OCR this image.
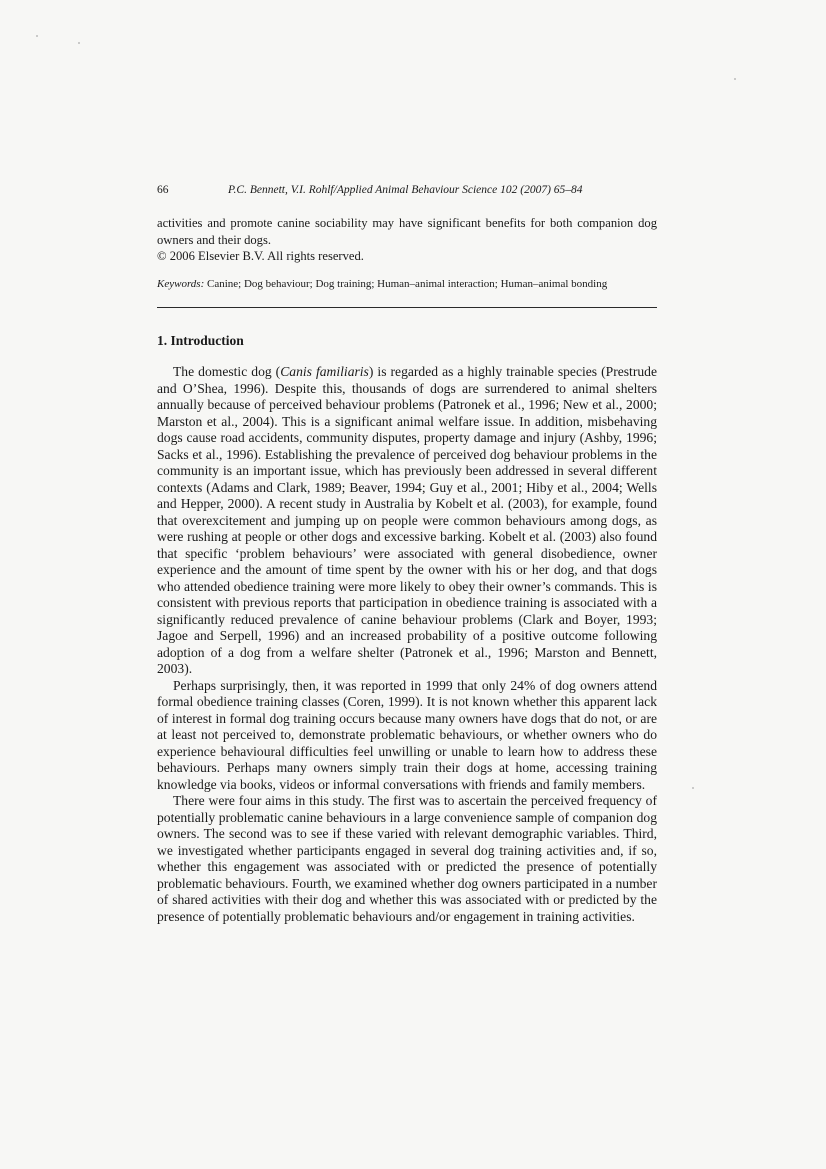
66	P.C. Bennett, V.I. Rohlf/Applied Animal Behaviour Science 102 (2007) 65–84
activities and promote canine sociability may have significant benefits for both companion dog owners and their dogs.
© 2006 Elsevier B.V. All rights reserved.
Keywords: Canine; Dog behaviour; Dog training; Human–animal interaction; Human–animal bonding
1. Introduction

The domestic dog (Canis familiaris) is regarded as a highly trainable species (Prestrude and O’Shea, 1996). Despite this, thousands of dogs are surrendered to animal shelters annually because of perceived behaviour problems (Patronek et al., 1996; New et al., 2000; Marston et al., 2004). This is a significant animal welfare issue. In addition, misbehaving dogs cause road accidents, community disputes, property damage and injury (Ashby, 1996; Sacks et al., 1996). Establishing the prevalence of perceived dog behaviour problems in the community is an important issue, which has previously been addressed in several different contexts (Adams and Clark, 1989; Beaver, 1994; Guy et al., 2001; Hiby et al., 2004; Wells and Hepper, 2000). A recent study in Australia by Kobelt et al. (2003), for example, found that overexcitement and jumping up on people were common behaviours among dogs, as were rushing at people or other dogs and excessive barking. Kobelt et al. (2003) also found that specific ‘problem behaviours’ were associated with general disobedience, owner experience and the amount of time spent by the owner with his or her dog, and that dogs who attended obedience training were more likely to obey their owner’s commands. This is consistent with previous reports that participation in obedience training is associated with a significantly reduced prevalence of canine behaviour problems (Clark and Boyer, 1993; Jagoe and Serpell, 1996) and an increased probability of a positive outcome following adoption of a dog from a welfare shelter (Patronek et al., 1996; Marston and Bennett, 2003).

Perhaps surprisingly, then, it was reported in 1999 that only 24% of dog owners attend formal obedience training classes (Coren, 1999). It is not known whether this apparent lack of interest in formal dog training occurs because many owners have dogs that do not, or are at least not perceived to, demonstrate problematic behaviours, or whether owners who do experience behavioural difficulties feel unwilling or unable to learn how to address these behaviours. Perhaps many owners simply train their dogs at home, accessing training knowledge via books, videos or informal conversations with friends and family members.

There were four aims in this study. The first was to ascertain the perceived frequency of potentially problematic canine behaviours in a large convenience sample of companion dog owners. The second was to see if these varied with relevant demographic variables. Third, we investigated whether participants engaged in several dog training activities and, if so, whether this engagement was associated with or predicted the presence of potentially problematic behaviours. Fourth, we examined whether dog owners participated in a number of shared activities with their dog and whether this was associated with or predicted by the presence of potentially problematic behaviours and/or engagement in training activities.
